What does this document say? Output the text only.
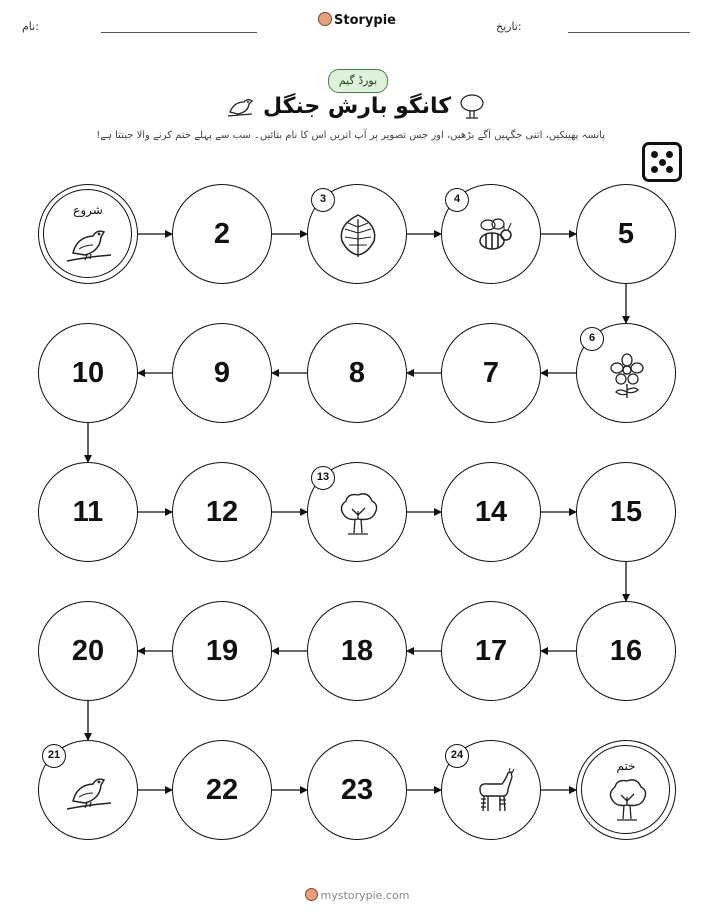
نام:	Storypie	تاریخ:
بورڈ گیم
کانگو بارش جنگل
پانسہ پھینکیں، اتنی جگہیں آگے بڑھیں، اور جس تصویر پر آپ اتریں اس کا نام بتائیں۔ سب سے پہلے ختم کرنے والا جیتتا ہے!
شروع
2
3	4
5
6
7
8
9
10
11	12
13
14	15
16
17
18
19
20
21
22	23
24
ختم
mystorypie.com
